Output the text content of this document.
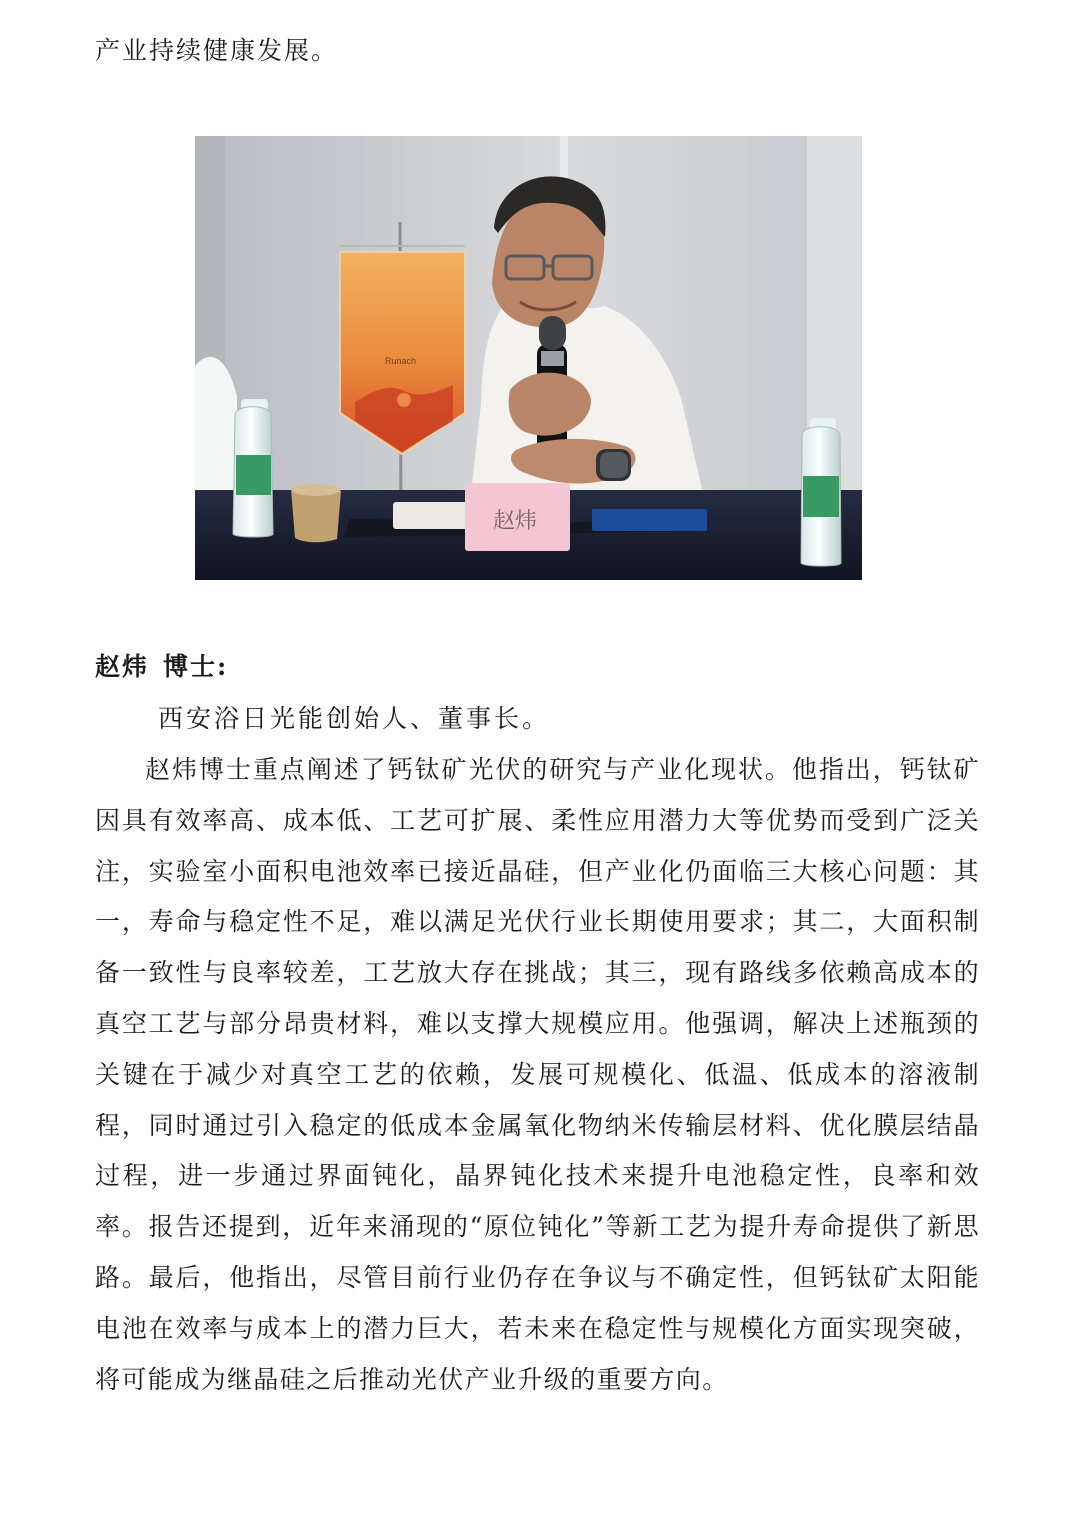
产业持续健康发展。

Runach
赵炜
赵炜 博士:

西安浴日光能创始人、董事长。

赵炜博士重点阐述了钙钛矿光伏的研究与产业化现状。他指出，钙钛矿因具有效率高、成本低、工艺可扩展、柔性应用潜力大等优势而受到广泛关注，实验室小面积电池效率已接近晶硅，但产业化仍面临三大核心问题：其一，寿命与稳定性不足，难以满足光伏行业长期使用要求；其二，大面积制备一致性与良率较差，工艺放大存在挑战；其三，现有路线多依赖高成本的真空工艺与部分昂贵材料，难以支撑大规模应用。他强调，解决上述瓶颈的关键在于减少对真空工艺的依赖，发展可规模化、低温、低成本的溶液制程，同时通过引入稳定的低成本金属氧化物纳米传输层材料、优化膜层结晶过程，进一步通过界面钝化，晶界钝化技术来提升电池稳定性，良率和效率。报告还提到，近年来涌现的“原位钝化”等新工艺为提升寿命提供了新思路。最后，他指出，尽管目前行业仍存在争议与不确定性，但钙钛矿太阳能电池在效率与成本上的潜力巨大，若未来在稳定性与规模化方面实现突破，将可能成为继晶硅之后推动光伏产业升级的重要方向。
